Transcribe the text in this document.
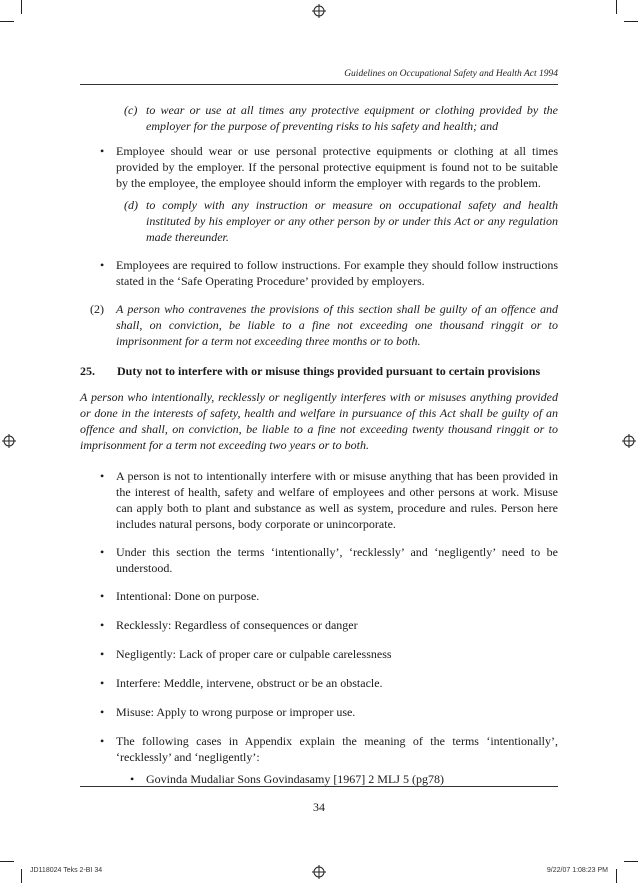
Guidelines on Occupational Safety and Health Act 1994
(c) to wear or use at all times any protective equipment or clothing provided by the employer for the purpose of preventing risks to his safety and health; and
• Employee should wear or use personal protective equipments or clothing at all times provided by the employer. If the personal protective equipment is found not to be suitable by the employee, the employee should inform the employer with regards to the problem.
(d) to comply with any instruction or measure on occupational safety and health instituted by his employer or any other person by or under this Act or any regulation made thereunder.
• Employees are required to follow instructions. For example they should follow instructions stated in the ‘Safe Operating Procedure’ provided by employers.
(2) A person who contravenes the provisions of this section shall be guilty of an offence and shall, on conviction, be liable to a fine not exceeding one thousand ringgit or to imprisonment for a term not exceeding three months or to both.
25. Duty not to interfere with or misuse things provided pursuant to certain provisions
A person who intentionally, recklessly or negligently interferes with or misuses anything provided or done in the interests of safety, health and welfare in pursuance of this Act shall be guilty of an offence and shall, on conviction, be liable to a fine not exceeding twenty thousand ringgit or to imprisonment for a term not exceeding two years or to both.
• A person is not to intentionally interfere with or misuse anything that has been provided in the interest of health, safety and welfare of employees and other persons at work. Misuse can apply both to plant and substance as well as system, procedure and rules. Person here includes natural persons, body corporate or unincorporate.
• Under this section the terms ‘intentionally’, ‘recklessly’ and ‘negligently’ need to be understood.
• Intentional: Done on purpose.
• Recklessly: Regardless of consequences or danger
• Negligently: Lack of proper care or culpable carelessness
• Interfere: Meddle, intervene, obstruct or be an obstacle.
• Misuse: Apply to wrong purpose or improper use.
• The following cases in Appendix explain the meaning of the terms ‘intentionally’, ‘recklessly’ and ‘negligently’:
• Govinda Mudaliar Sons Govindasamy [1967] 2 MLJ 5 (pg78)
34
JD118024 Teks 2-BI 34	9/22/07 1:08:23 PM
